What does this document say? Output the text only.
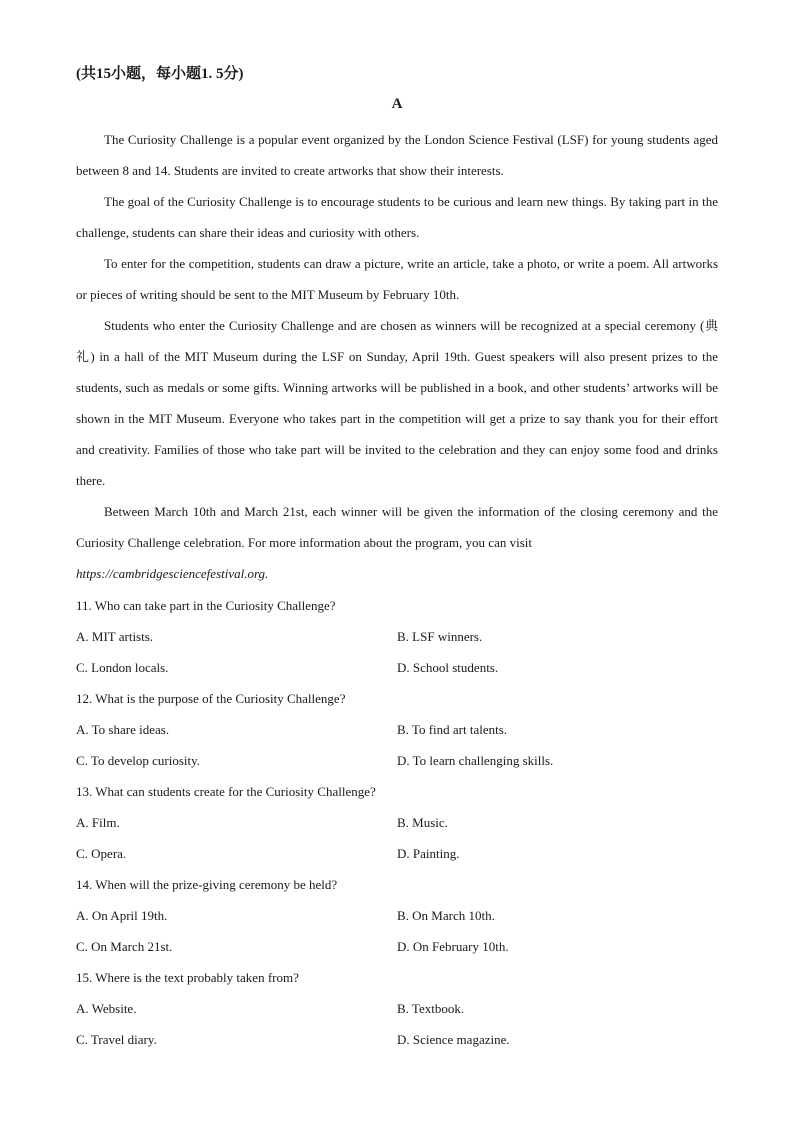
(共15小题，每小题1. 5分)
A

The Curiosity Challenge is a popular event organized by the London Science Festival (LSF) for young students aged between 8 and 14. Students are invited to create artworks that show their interests.

The goal of the Curiosity Challenge is to encourage students to be curious and learn new things. By taking part in the challenge, students can share their ideas and curiosity with others.

To enter for the competition, students can draw a picture, write an article, take a photo, or write a poem. All artworks or pieces of writing should be sent to the MIT Museum by February 10th.

Students who enter the Curiosity Challenge and are chosen as winners will be recognized at a special ceremony (典礼) in a hall of the MIT Museum during the LSF on Sunday, April 19th. Guest speakers will also present prizes to the students, such as medals or some gifts. Winning artworks will be published in a book, and other students’ artworks will be shown in the MIT Museum. Everyone who takes part in the competition will get a prize to say thank you for their effort and creativity. Families of those who take part will be invited to the celebration and they can enjoy some food and drinks there.

Between March 10th and March 21st, each winner will be given the information of the closing ceremony and the Curiosity Challenge celebration. For more information about the program, you can visit

https://cambridgesciencefestival.org.

11. Who can take part in the Curiosity Challenge?

A. MIT artists.	B. LSF winners.
C. London locals.	D. School students.

12. What is the purpose of the Curiosity Challenge?

A. To share ideas.	B. To find art talents.
C. To develop curiosity.	D. To learn challenging skills.

13. What can students create for the Curiosity Challenge?

A. Film.	B. Music.
C. Opera.	D. Painting.

14. When will the prize-giving ceremony be held?

A. On April 19th.	B. On March 10th.
C. On March 21st.	D. On February 10th.

15. Where is the text probably taken from?

A. Website.	B. Textbook.
C. Travel diary.	D. Science magazine.
